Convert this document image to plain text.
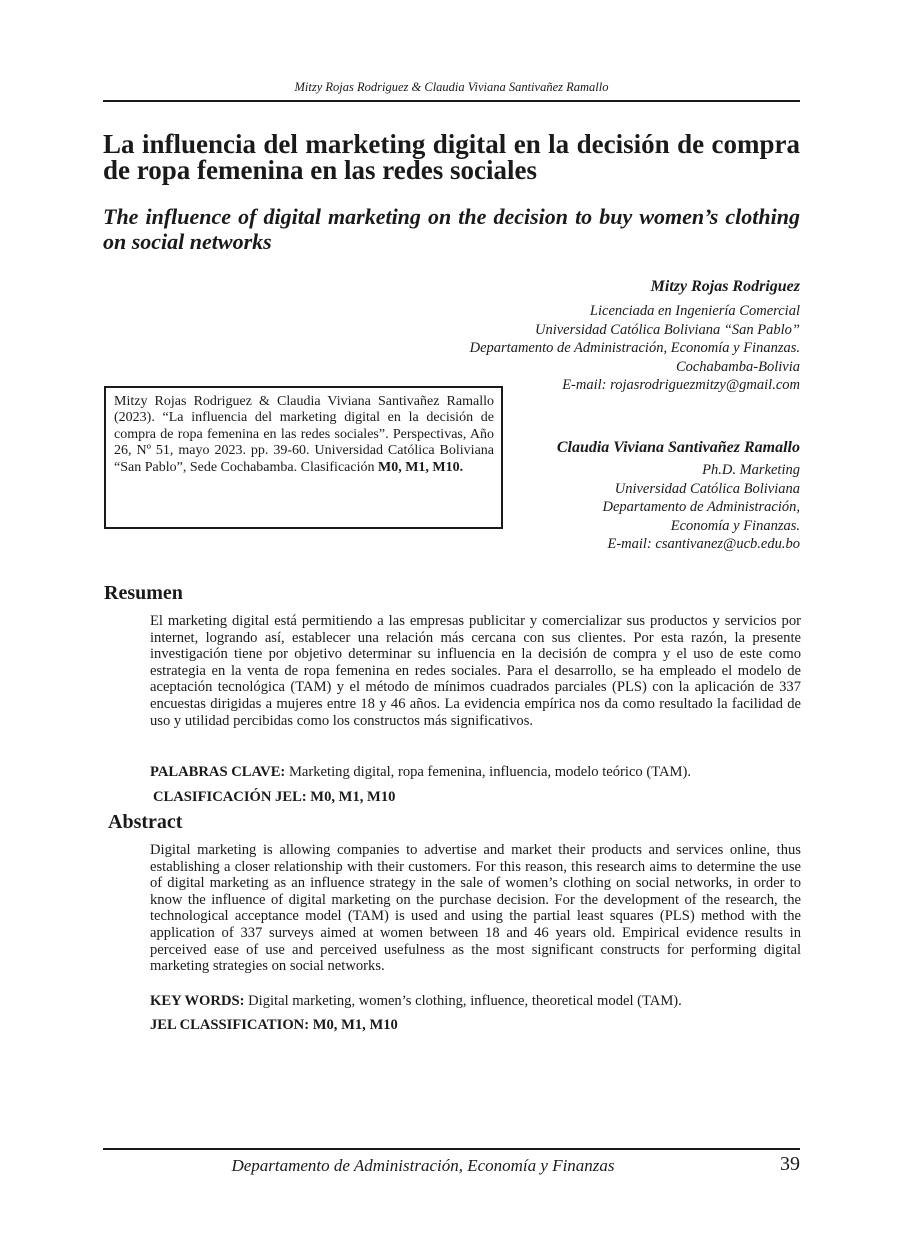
Mitzy Rojas Rodriguez & Claudia Viviana Santivañez Ramallo
La influencia del marketing digital en la decisión de compra de ropa femenina en las redes sociales
The influence of digital marketing on the decision to buy women’s clothing on social networks
Mitzy Rojas Rodriguez
Licenciada en Ingeniería Comercial
Universidad Católica Boliviana “San Pablo”
Departamento de Administración, Economía y Finanzas.
Cochabamba-Bolivia
E-mail: rojasrodriguezmitzy@gmail.com
Mitzy Rojas Rodriguez & Claudia Viviana Santivañez Ramallo (2023). “La influencia del marketing digital en la decisión de compra de ropa femenina en las redes sociales”. Perspectivas, Año 26, Nº 51, mayo 2023. pp. 39-60. Universidad Católica Boliviana “San Pablo”, Sede Cochabamba. Clasificación M0, M1, M10.
Claudia Viviana Santivañez Ramallo
Ph.D. Marketing
Universidad Católica Boliviana
Departamento de Administración,
Economía y Finanzas.
E-mail: csantivanez@ucb.edu.bo
Resumen

El marketing digital está permitiendo a las empresas publicitar y comercializar sus productos y servicios por internet, logrando así, establecer una relación más cercana con sus clientes. Por esta razón, la presente investigación tiene por objetivo determinar su influencia en la decisión de compra y el uso de este como estrategia en la venta de ropa femenina en redes sociales. Para el desarrollo, se ha empleado el modelo de aceptación tecnológica (TAM) y el método de mínimos cuadrados parciales (PLS) con la aplicación de 337 encuestas dirigidas a mujeres entre 18 y 46 años. La evidencia empírica nos da como resultado la facilidad de uso y utilidad percibidas como los constructos más significativos.

PALABRAS CLAVE: Marketing digital, ropa femenina, influencia, modelo teórico (TAM).

CLASIFICACIÓN JEL: M0, M1, M10

Abstract

Digital marketing is allowing companies to advertise and market their products and services online, thus establishing a closer relationship with their customers. For this reason, this research aims to determine the use of digital marketing as an influence strategy in the sale of women’s clothing on social networks, in order to know the influence of digital marketing on the purchase decision. For the development of the research, the technological acceptance model (TAM) is used and using the partial least squares (PLS) method with the application of 337 surveys aimed at women between 18 and 46 years old. Empirical evidence results in perceived ease of use and perceived usefulness as the most significant constructs for performing digital marketing strategies on social networks.

KEY WORDS: Digital marketing, women’s clothing, influence, theoretical model (TAM).

JEL CLASSIFICATION: M0, M1, M10

Departamento de Administración, Economía y Finanzas	39
